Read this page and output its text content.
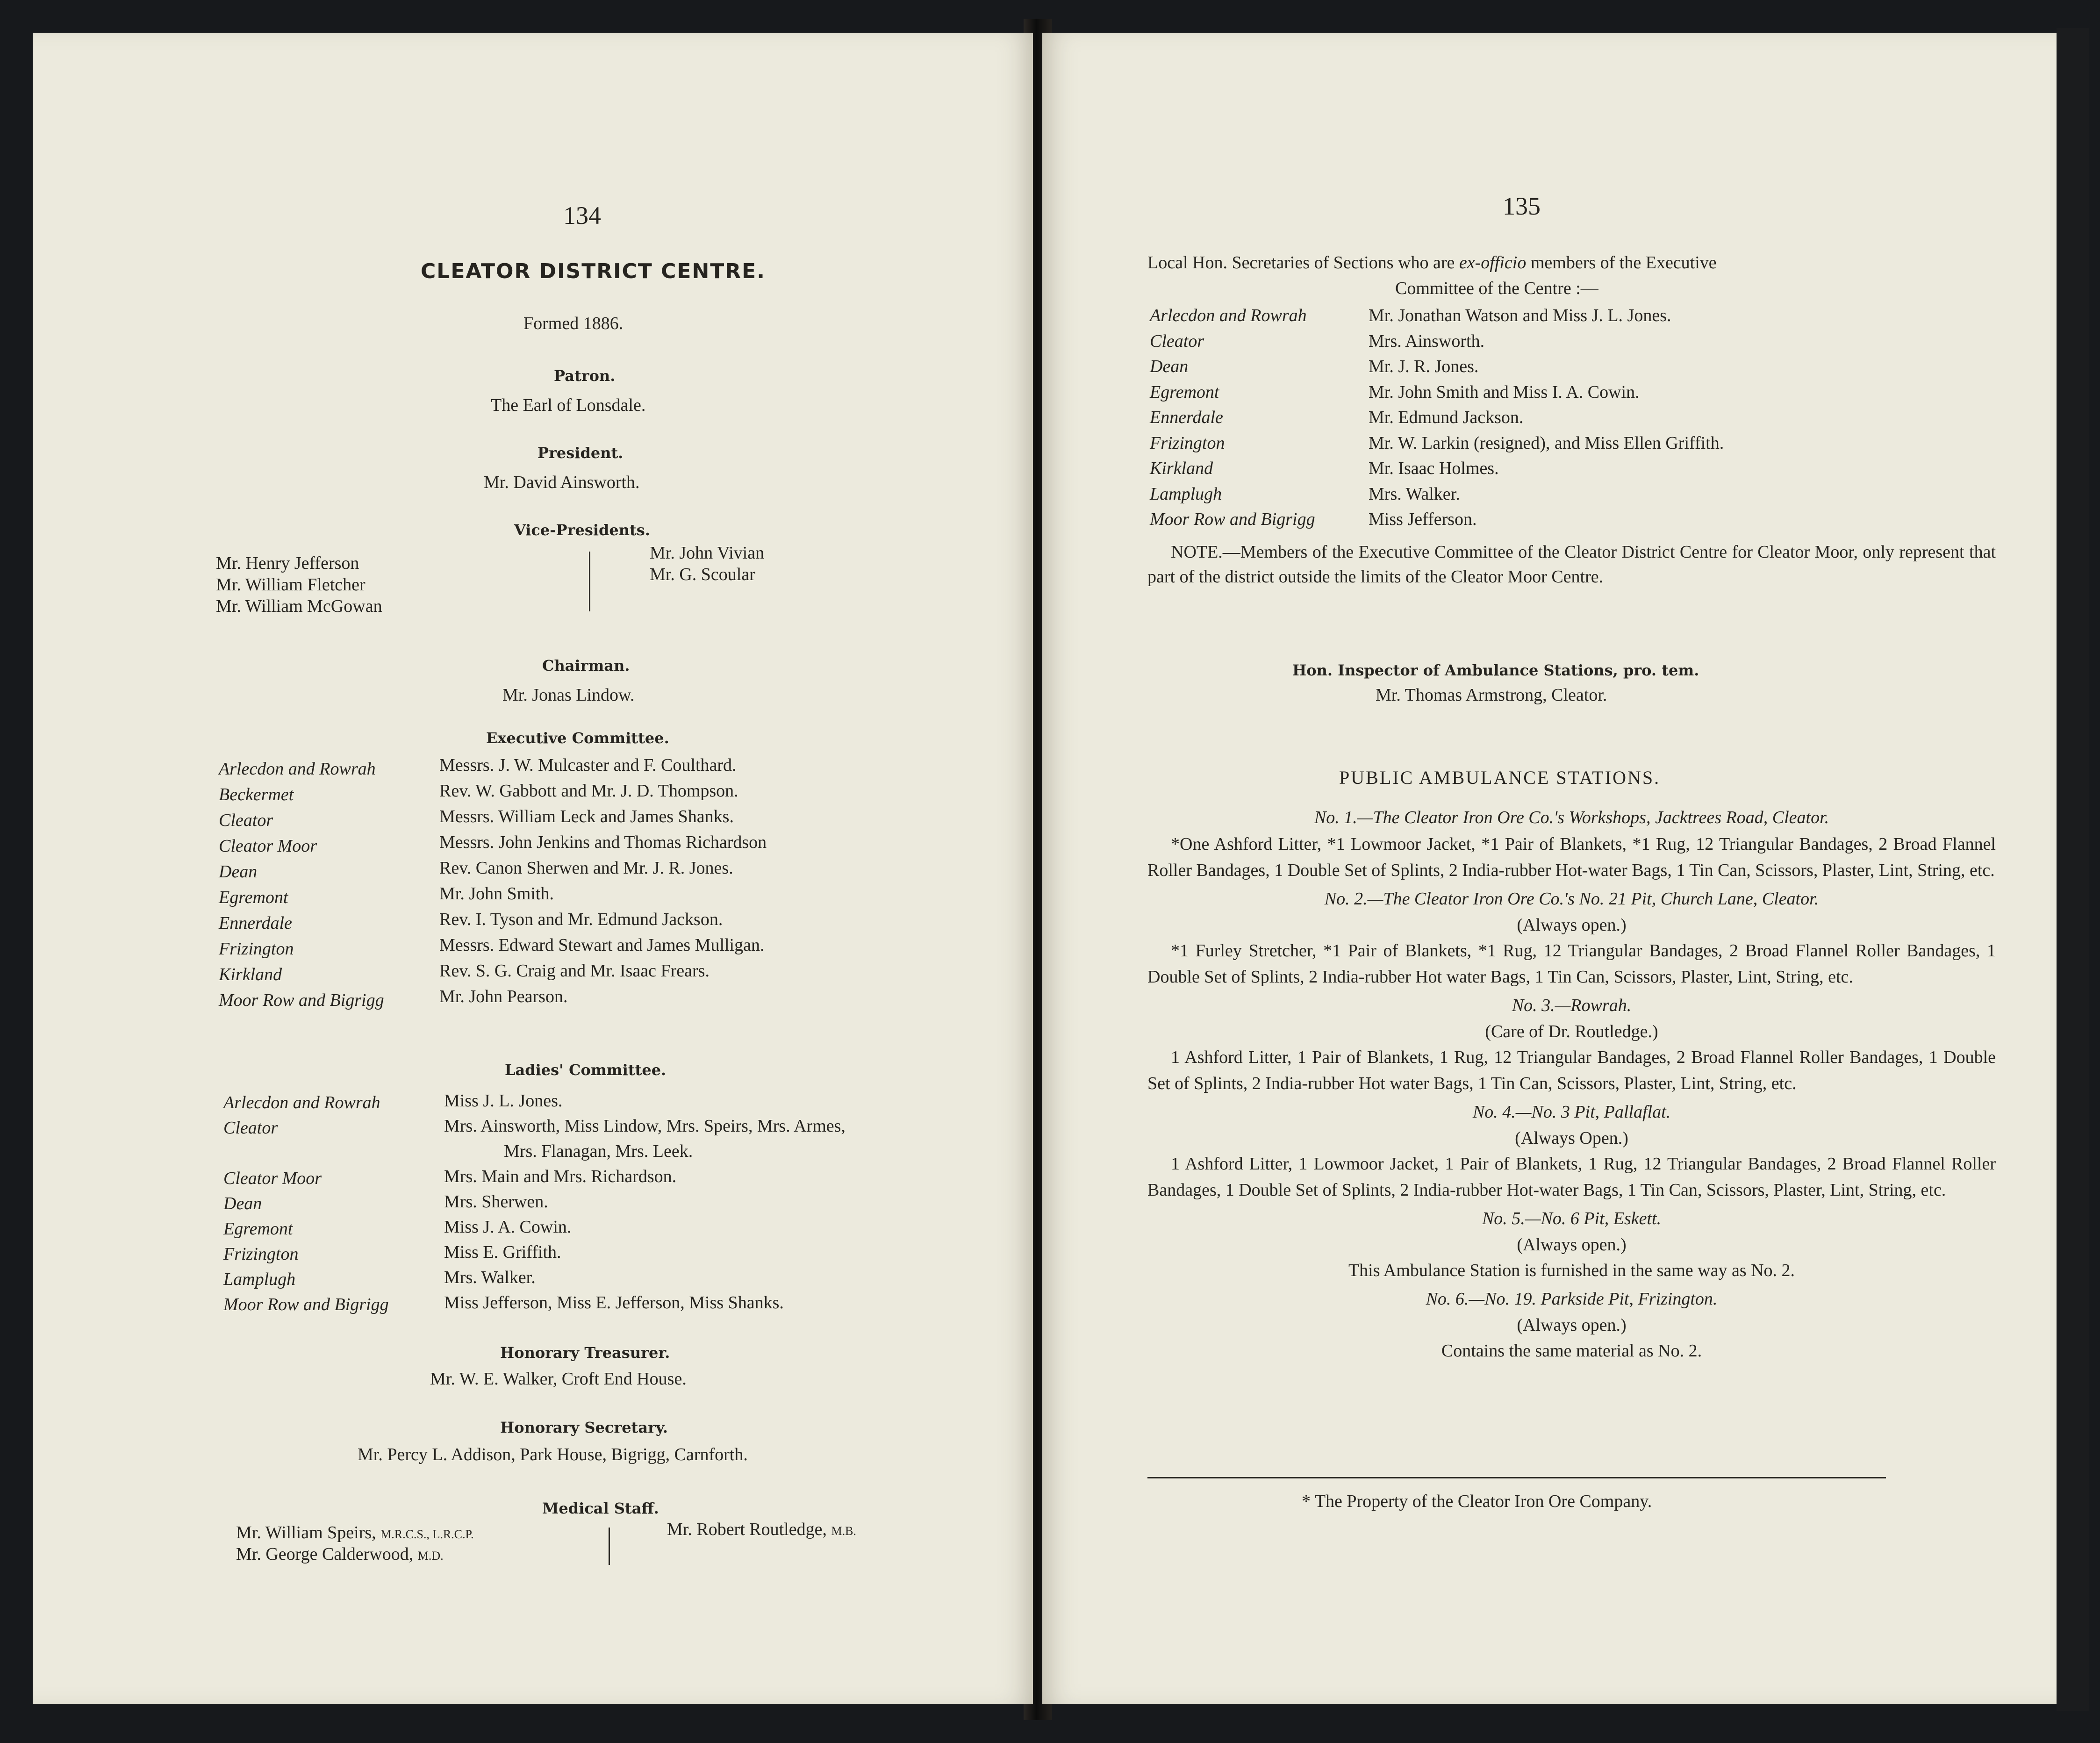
134
CLEATOR DISTRICT CENTRE.
Formed 1886.
Patron.
The Earl of Lonsdale.
President.
Mr. David Ainsworth.
Vice-Presidents.
Mr. Henry Jefferson
Mr. William Fletcher
Mr. William McGowan
Mr. John Vivian
Mr. G. Scoular
Chairman.
Mr. Jonas Lindow.
Executive Committee.
Arlecdon and Rowrah
Beckermet
Cleator
Cleator Moor
Dean
Egremont
Ennerdale
Frizington
Kirkland
Moor Row and Bigrigg
Messrs. J. W. Mulcaster and F. Coulthard.
Rev. W. Gabbott and Mr. J. D. Thompson.
Messrs. William Leck and James Shanks.
Messrs. John Jenkins and Thomas Richardson
Rev. Canon Sherwen and Mr. J. R. Jones.
Mr. John Smith.
Rev. I. Tyson and Mr. Edmund Jackson.
Messrs. Edward Stewart and James Mulligan.
Rev. S. G. Craig and Mr. Isaac Frears.
Mr. John Pearson.
Ladies' Committee.
Arlecdon and Rowrah
Cleator
Cleator Moor
Dean
Egremont
Frizington
Lamplugh
Moor Row and Bigrigg
Miss J. L. Jones.
Mrs. Ainsworth, Miss Lindow, Mrs. Speirs, Mrs. Armes,
Mrs. Flanagan, Mrs. Leek.
Mrs. Main and Mrs. Richardson.
Mrs. Sherwen.
Miss J. A. Cowin.
Miss E. Griffith.
Mrs. Walker.
Miss Jefferson, Miss E. Jefferson, Miss Shanks.
Honorary Treasurer.
Mr. W. E. Walker, Croft End House.
Honorary Secretary.
Mr. Percy L. Addison, Park House, Bigrigg, Carnforth.
Medical Staff.
Mr. William Speirs, M.R.C.S., L.R.C.P.
Mr. George Calderwood, M.D.
Mr. Robert Routledge, M.B.
135
Local Hon. Secretaries of Sections who are ex-officio members of the Executive
Committee of the Centre :—
Arlecdon and Rowrah
Cleator
Dean
Egremont
Ennerdale
Frizington
Kirkland
Lamplugh
Moor Row and Bigrigg
Mr. Jonathan Watson and Miss J. L. Jones.
Mrs. Ainsworth.
Mr. J. R. Jones.
Mr. John Smith and Miss I. A. Cowin.
Mr. Edmund Jackson.
Mr. W. Larkin (resigned), and Miss Ellen Griffith.
Mr. Isaac Holmes.
Mrs. Walker.
Miss Jefferson.
NOTE.—Members of the Executive Committee of the Cleator District Centre for Cleator Moor, only represent that part of the district outside the limits of the Cleator Moor Centre.
Hon. Inspector of Ambulance Stations, pro. tem.
Mr. Thomas Armstrong, Cleator.
PUBLIC AMBULANCE STATIONS.
No. 1.—The Cleator Iron Ore Co.'s Workshops, Jacktrees Road, Cleator.
*One Ashford Litter, *1 Lowmoor Jacket, *1 Pair of Blankets, *1 Rug, 12 Triangular Bandages, 2 Broad Flannel Roller Bandages, 1 Double Set of Splints, 2 India-rubber Hot-water Bags, 1 Tin Can, Scissors, Plaster, Lint, String, etc.
No. 2.—The Cleator Iron Ore Co.'s No. 21 Pit, Church Lane, Cleator.
(Always open.)
*1 Furley Stretcher, *1 Pair of Blankets, *1 Rug, 12 Triangular Bandages, 2 Broad Flannel Roller Bandages, 1 Double Set of Splints, 2 India-rubber Hot water Bags, 1 Tin Can, Scissors, Plaster, Lint, String, etc.
No. 3.—Rowrah.
(Care of Dr. Routledge.)
1 Ashford Litter, 1 Pair of Blankets, 1 Rug, 12 Triangular Bandages, 2 Broad Flannel Roller Bandages, 1 Double Set of Splints, 2 India-rubber Hot water Bags, 1 Tin Can, Scissors, Plaster, Lint, String, etc.
No. 4.—No. 3 Pit, Pallaflat.
(Always Open.)
1 Ashford Litter, 1 Lowmoor Jacket, 1 Pair of Blankets, 1 Rug, 12 Triangular Bandages, 2 Broad Flannel Roller Bandages, 1 Double Set of Splints, 2 India-rubber Hot-water Bags, 1 Tin Can, Scissors, Plaster, Lint, String, etc.
No. 5.—No. 6 Pit, Eskett.
(Always open.)
This Ambulance Station is furnished in the same way as No. 2.
No. 6.—No. 19. Parkside Pit, Frizington.
(Always open.)
Contains the same material as No. 2.
* The Property of the Cleator Iron Ore Company.
